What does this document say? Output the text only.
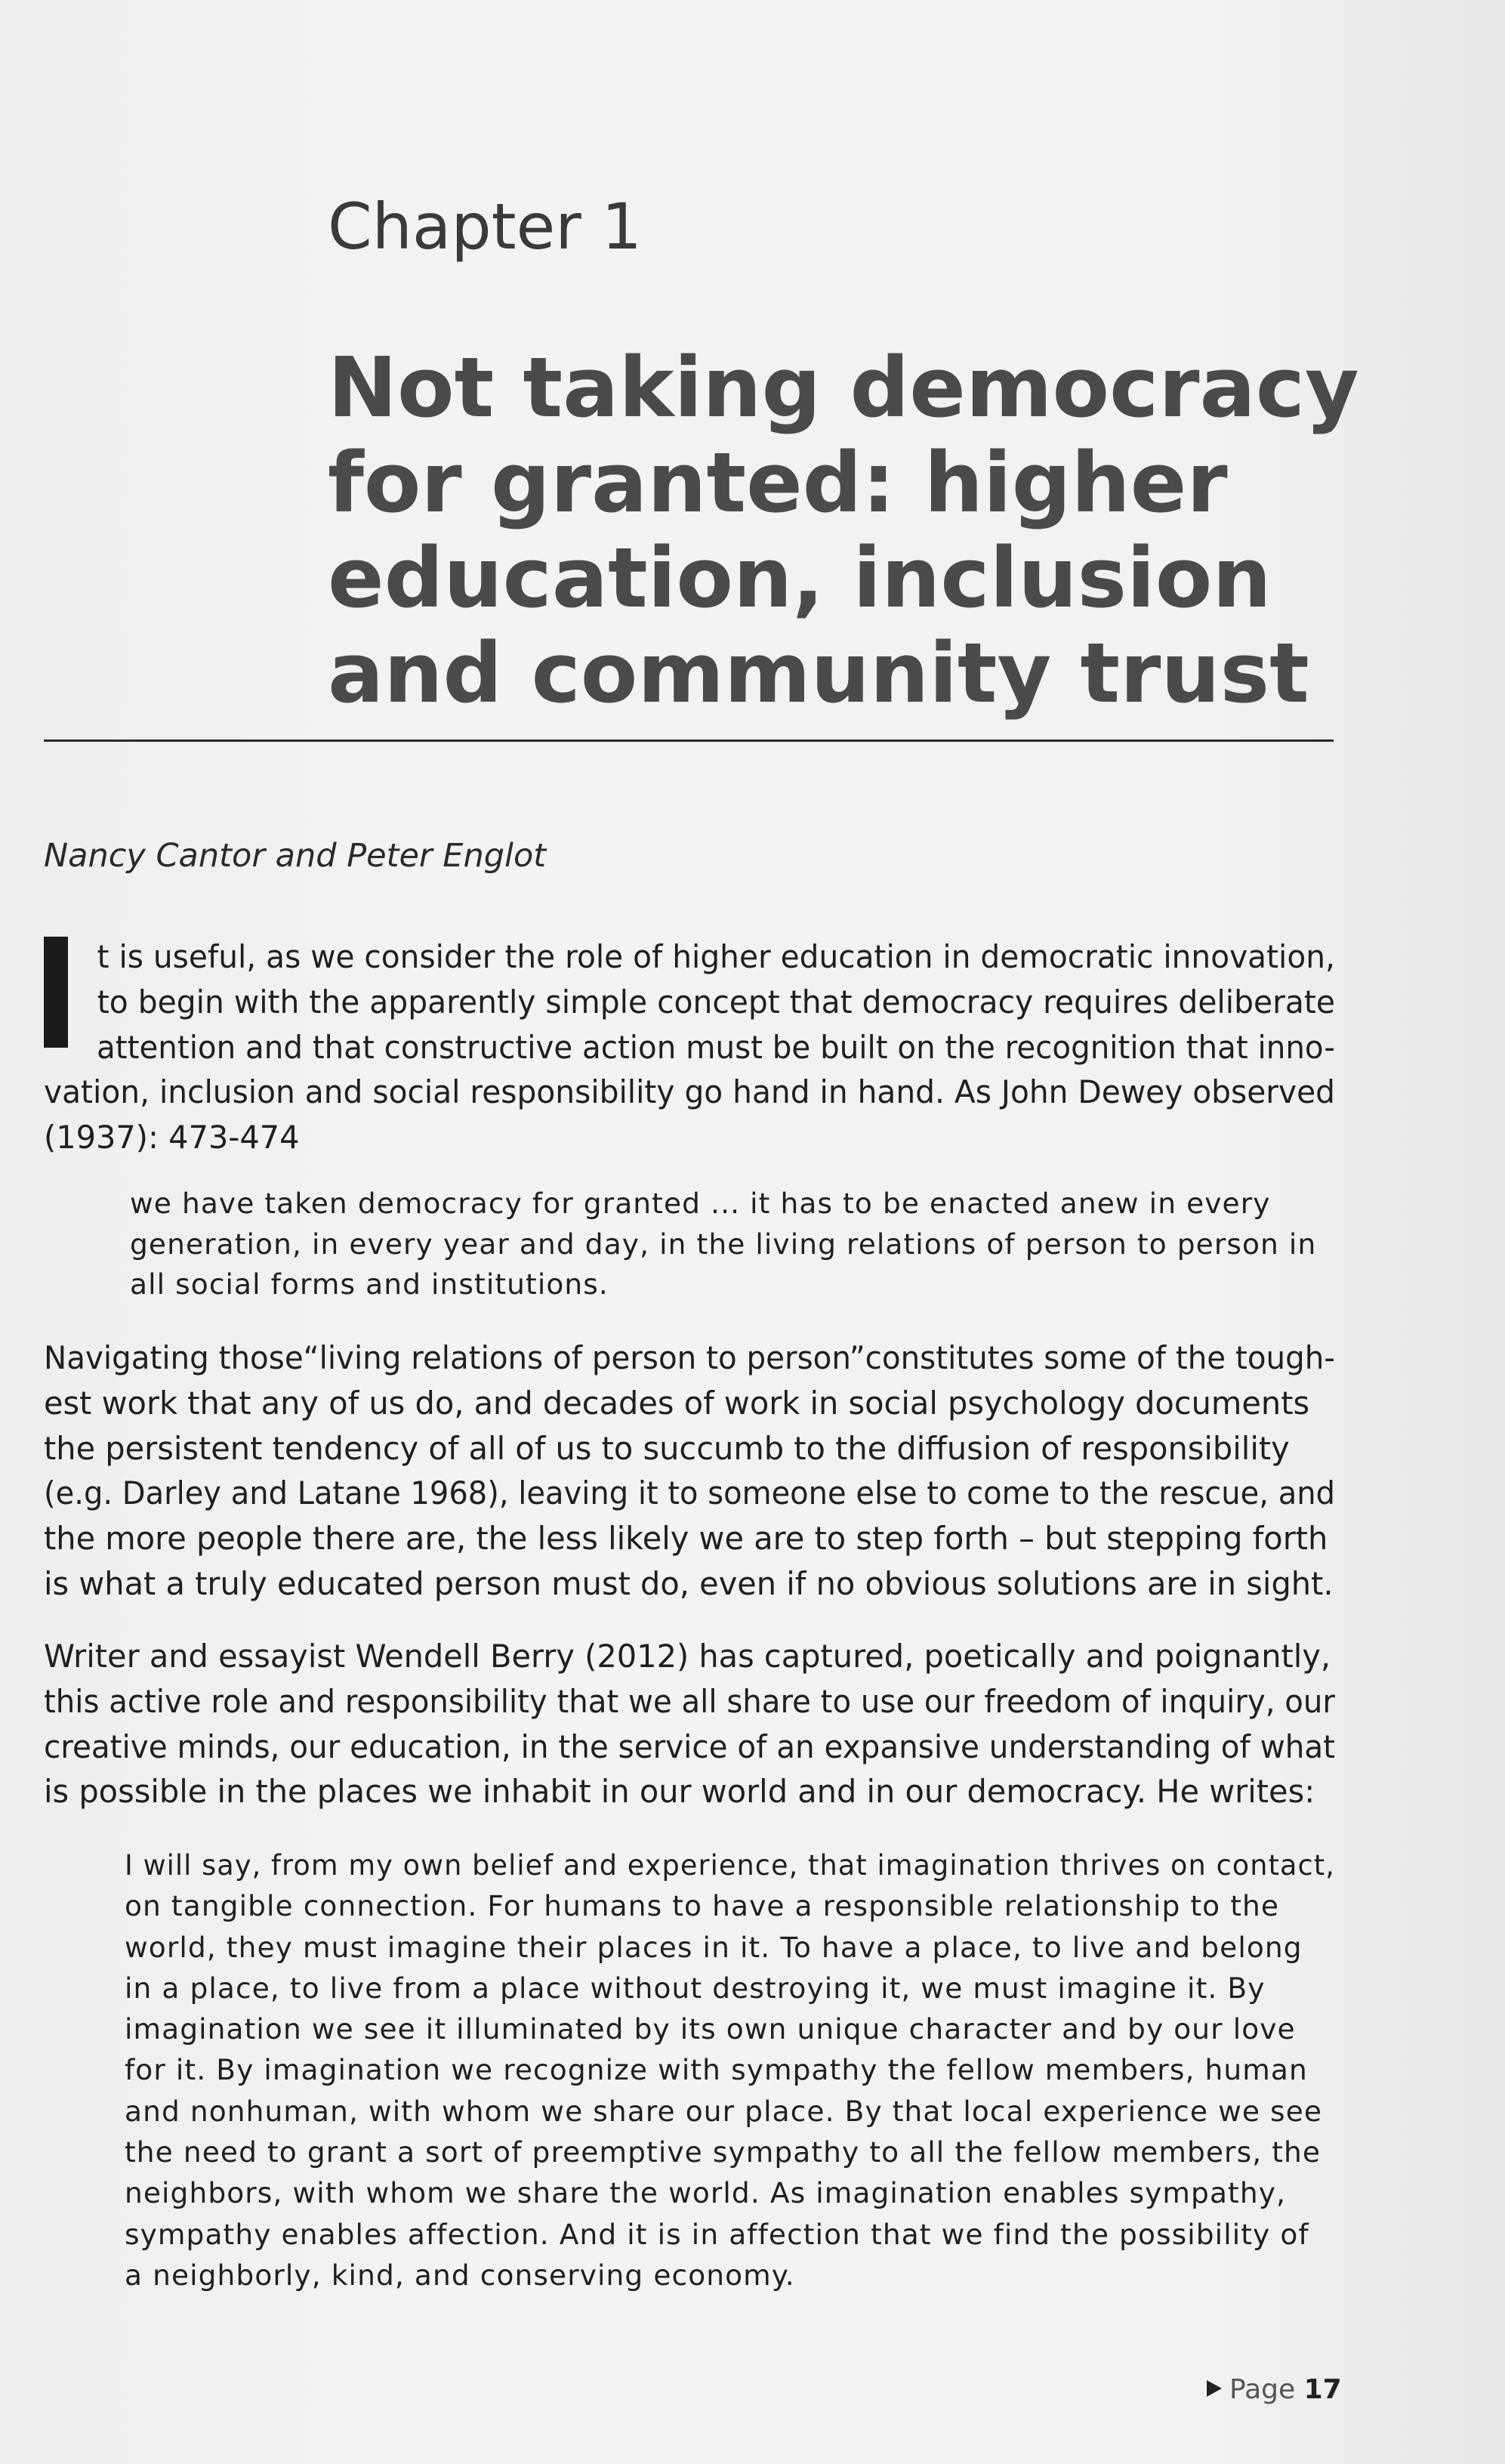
Chapter 1
Not taking democracy
for granted: higher
education, inclusion
and community trust
Nancy Cantor and Peter Englot

t is useful, as we consider the role of higher education in democratic innovation,
to begin with the apparently simple concept that democracy requires deliberate
attention and that constructive action must be built on the recognition that inno-
vation, inclusion and social responsibility go hand in hand. As John Dewey observed
(1937): 473-474

we have taken democracy for granted ... it has to be enacted anew in every
generation, in every year and day, in the living relations of person to person in
all social forms and institutions.

Navigating those“living relations of person to person”constitutes some of the tough-
est work that any of us do, and decades of work in social psychology documents
the persistent tendency of all of us to succumb to the diffusion of responsibility
(e.g. Darley and Latane 1968), leaving it to someone else to come to the rescue, and
the more people there are, the less likely we are to step forth – but stepping forth
is what a truly educated person must do, even if no obvious solutions are in sight.

Writer and essayist Wendell Berry (2012) has captured, poetically and poignantly,
this active role and responsibility that we all share to use our freedom of inquiry, our
creative minds, our education, in the service of an expansive understanding of what
is possible in the places we inhabit in our world and in our democracy. He writes:

I will say, from my own belief and experience, that imagination thrives on contact,
on tangible connection. For humans to have a responsible relationship to the
world, they must imagine their places in it. To have a place, to live and belong
in a place, to live from a place without destroying it, we must imagine it. By
imagination we see it illuminated by its own unique character and by our love
for it. By imagination we recognize with sympathy the fellow members, human
and nonhuman, with whom we share our place. By that local experience we see
the need to grant a sort of preemptive sympathy to all the fellow members, the
neighbors, with whom we share the world. As imagination enables sympathy,
sympathy enables affection. And it is in affection that we find the possibility of
a neighborly, kind, and conserving economy.
Page 17
